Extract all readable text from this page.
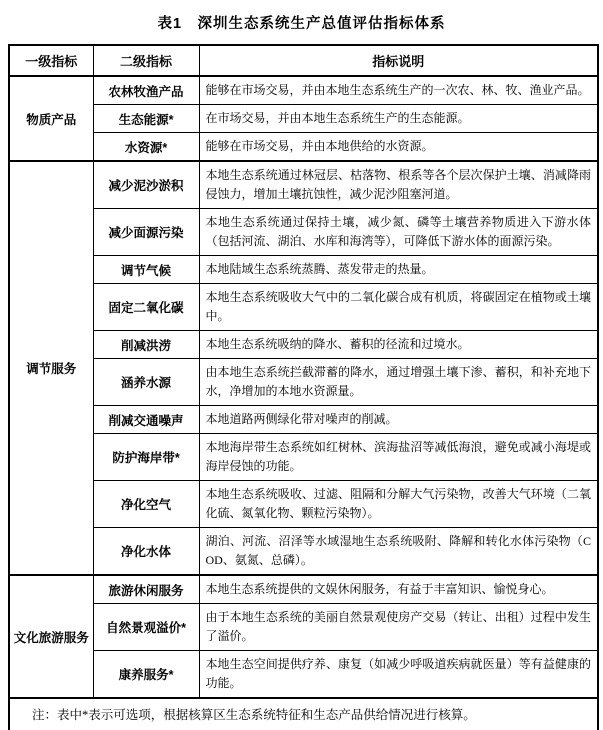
表1　深圳生态系统生产总值评估指标体系
一级指标	二级指标	指标说明
物质产品	农林牧渔产品	能够在市场交易，并由本地生态系统生产的一次农、林、牧、渔业产品。
	生态能源*	在市场交易，并由本地生态系统生产的生态能源。
	水资源*	能够在市场交易，并由本地供给的水资源。
调节服务	减少泥沙淤积	本地生态系统通过林冠层、枯落物、根系等各个层次保护土壤、消减降雨侵蚀力，增加土壤抗蚀性，减少泥沙阻塞河道。
	减少面源污染	本地生态系统通过保持土壤，减少氮、磷等土壤营养物质进入下游水体（包括河流、湖泊、水库和海湾等），可降低下游水体的面源污染。
	调节气候	本地陆域生态系统蒸腾、蒸发带走的热量。
	固定二氧化碳	本地生态系统吸收大气中的二氧化碳合成有机质，将碳固定在植物或土壤中。
	削减洪涝	本地生态系统吸纳的降水、蓄积的径流和过境水。
	涵养水源	由本地生态系统拦截滞蓄的降水，通过增强土壤下渗、蓄积，和补充地下水，净增加的本地水资源量。
	削减交通噪声	本地道路两侧绿化带对噪声的削减。
	防护海岸带*	本地海岸带生态系统如红树林、滨海盐沼等减低海浪，避免或减小海堤或海岸侵蚀的功能。
	净化空气	本地生态系统吸收、过滤、阻隔和分解大气污染物，改善大气环境（二氧化硫、氮氧化物、颗粒污染物）。
	净化水体	湖泊、河流、沼泽等水域湿地生态系统吸附、降解和转化水体污染物（COD、氨氮、总磷）。
文化旅游服务	旅游休闲服务	本地生态系统提供的文娱休闲服务，有益于丰富知识、愉悦身心。
	自然景观溢价*	由于本地生态系统的美丽自然景观使房产交易（转让、出租）过程中发生了溢价。
	康养服务*	本地生态空间提供疗养、康复（如减少呼吸道疾病就医量）等有益健康的功能。
注：表中*表示可选项，根据核算区生态系统特征和生态产品供给情况进行核算。		
